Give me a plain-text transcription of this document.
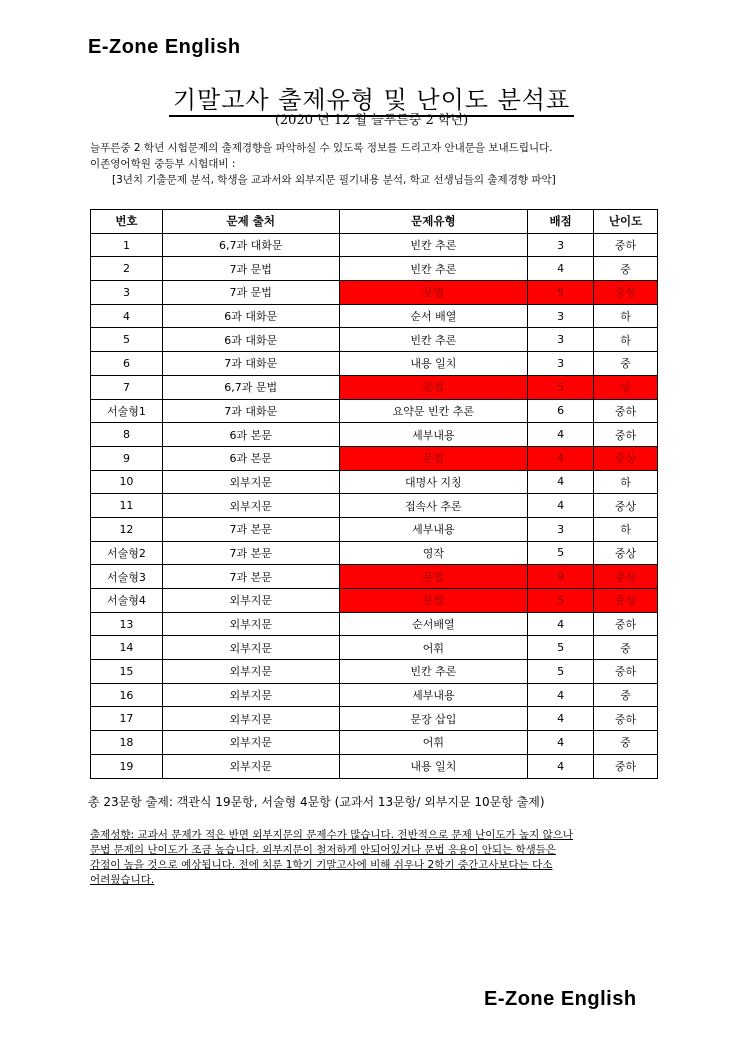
E-Zone English
기말고사 출제유형 및 난이도 분석표
(2020 년 12 월 늘푸른중 2 학년)
늘푸른중 2 학년 시험문제의 출제경향을 파악하실 수 있도록 정보를 드리고자 안내문을 보내드립니다.
이존영어학원 중등부 시험대비 :
[3년치 기출문제 분석, 학생을 교과서와 외부지문 필기내용 분석, 학교 선생님들의 출제경향 파악]
번호	문제 출처	문제유형	배점	난이도
1	6,7과 대화문	빈칸 추론	3	중하
2	7과 문법	빈칸 추론	4	중
3	7과 문법	문법	5	중상
4	6과 대화문	순서 배열	3	하
5	6과 대화문	빈칸 추론	3	하
6	7과 대화문	내용 일치	3	중
7	6,7과 문법	문법	5	상
서술형1	7과 대화문	요약문 빈칸 추론	6	중하
8	6과 본문	세부내용	4	중하
9	6과 본문	문법	4	중상
10	외부지문	대명사 지칭	4	하
11	외부지문	접속사 추론	4	중상
12	7과 본문	세부내용	3	하
서술형2	7과 본문	영작	5	중상
서술형3	7과 본문	문법	9	중상
서술형4	외부지문	문법	5	중상
13	외부지문	순서배열	4	중하
14	외부지문	어휘	5	중
15	외부지문	빈칸 추론	5	중하
16	외부지문	세부내용	4	중
17	외부지문	문장 삽입	4	중하
18	외부지문	어휘	4	중
19	외부지문	내용 일치	4	중하
총 23문항 출제: 객관식 19문항, 서술형 4문항 (교과서 13문항/ 외부지문 10문항 출제)
출제성향: 교과서 문제가 적은 반면 외부지문의 문제수가 많습니다. 전반적으로 문제 난이도가 높지 않으나
문법 문제의 난이도가 조금 높습니다. 외부지문이 철저하게 안되어있거나 문법 응용이 안되는 학생들은
감점이 높을 것으로 예상됩니다. 전에 치룬 1학기 기말고사에 비해 쉬우나 2학기 중간고사보다는 다소
어려웠습니다.
E-Zone English
